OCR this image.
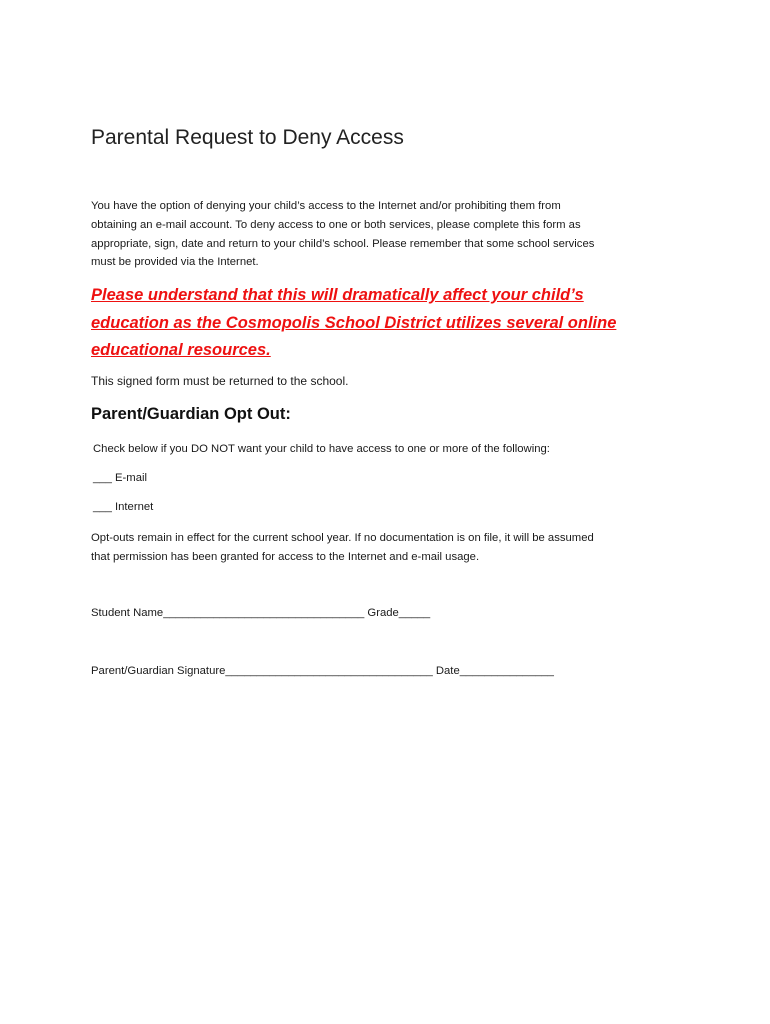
Parental Request to Deny Access
You have the option of denying your child’s access to the Internet and/or prohibiting them from
obtaining an e-mail account. To deny access to one or both services, please complete this form as
appropriate, sign, date and return to your child’s school. Please remember that some school services
must be provided via the Internet.
Please understand that this will dramatically affect your child’s
education as the Cosmopolis School District utilizes several online
educational resources.
This signed form must be returned to the school.
Parent/Guardian Opt Out:
Check below if you DO NOT want your child to have access to one or more of the following:
___ E-mail
___ Internet
Opt-outs remain in effect for the current school year. If no documentation is on file, it will be assumed
that permission has been granted for access to the Internet and e-mail usage.
Student Name________________________________ Grade_____
Parent/Guardian Signature_________________________________ Date_______________
